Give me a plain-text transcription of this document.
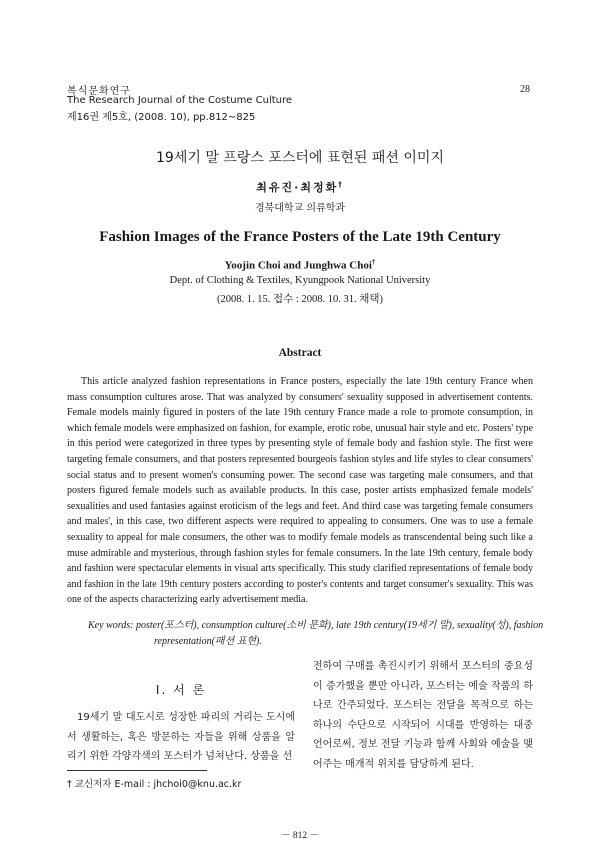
복식문화연구
The Research Journal of the Costume Culture
제16권 제5호, (2008. 10), pp.812~825
28
19세기 말 프랑스 포스터에 표현된 패션 이미지
최유진·최정화†
경북대학교 의류학과
Fashion Images of the France Posters of the Late 19th Century
Yoojin Choi and Junghwa Choi†
Dept. of Clothing & Textiles, Kyungpook National University
(2008. 1. 15. 접수 : 2008. 10. 31. 채택)
Abstract

This article analyzed fashion representations in France posters, especially the late 19th century France when mass consumption cultures arose. That was analyzed by consumers' sexuality supposed in advertisement contents. Female models mainly figured in posters of the late 19th century France made a role to promote consumption, in which female models were emphasized on fashion, for example, erotic robe, unusual hair style and etc. Posters' type in this period were categorized in three types by presenting style of female body and fashion style. The first were targeting female consumers, and that posters represented bourgeois fashion styles and life styles to clear consumers' social status and to present women's consuming power. The second case was targeting male consumers, and that posters figured female models such as available products. In this case, poster artists emphasized female models' sexualities and used fantasies against eroticism of the legs and feet. And third case was targeting female consumers and males', in this case, two different aspects were required to appealing to consumers. One was to use a female sexuality to appeal for male consumers, the other was to modify female models as transcendental being such like a muse admirable and mysterious, through fashion styles for female consumers. In the late 19th century, female body and fashion were spectacular elements in visual arts specifically. This study clarified representations of female body and fashion in the late 19th century posters according to poster's contents and target consumer's sexuality. This was one of the aspects characterizing early advertisement media.

Key words: poster(포스터), consumption culture(소비 문화), late 19th century(19세기 말), sexuality(성), fashion representation(패션 표현).

Ⅰ. 서 론

19세기 말 대도시로 성장한 파리의 거리는 도시에서 생활하는, 혹은 방문하는 자들을 위해 상품을 알리기 위한 각양각색의 포스터가 넘쳐난다. 상품을 선

전하여 구매를 촉진시키기 위해서 포스터의 중요성이 증가했을 뿐만 아니라, 포스터는 예술 작품의 하나로 간주되었다. 포스터는 전달을 목적으로 하는 하나의 수단으로 시작되어 시대를 반영하는 대중 언어로써, 정보 전달 기능과 함께 사회와 예술을 맺어주는 매개적 위치를 담당하게 된다.

† 교신저자 E-mail : jhchoi0@knu.ac.kr
－ 812 －
